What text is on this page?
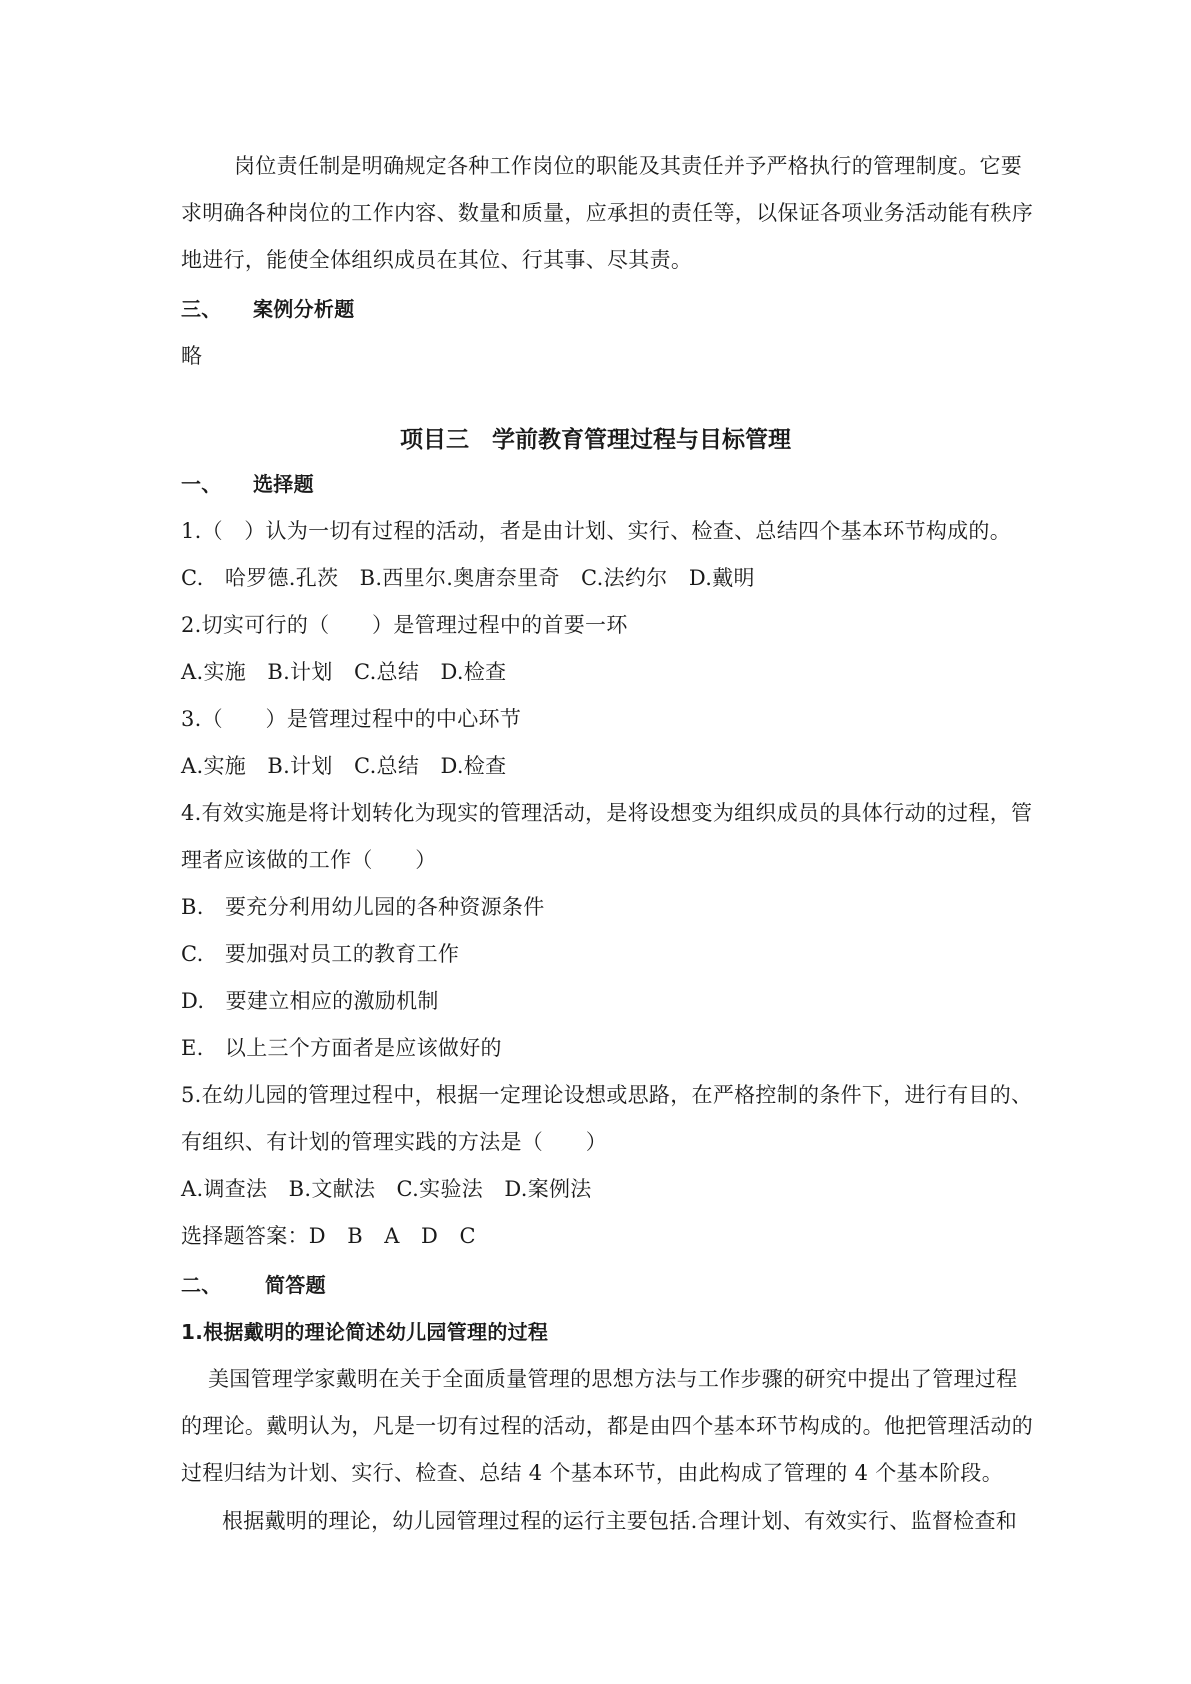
岗位责任制是明确规定各种工作岗位的职能及其责任并予严格执行的管理制度。它要
求明确各种岗位的工作内容、数量和质量，应承担的责任等，以保证各项业务活动能有秩序
地进行，能使全体组织成员在其位、行其事、尽其责。
三、	案例分析题
略
项目三　学前教育管理过程与目标管理
一、	选择题
1.（　）认为一切有过程的活动，者是由计划、实行、检查、总结四个基本环节构成的。
C.　哈罗德.孔茨　B.西里尔.奥唐奈里奇　C.法约尔　D.戴明
2.切实可行的（　　）是管理过程中的首要一环
A.实施　B.计划　C.总结　D.检查
3.（　　）是管理过程中的中心环节
A.实施　B.计划　C.总结　D.检查
4.有效实施是将计划转化为现实的管理活动，是将设想变为组织成员的具体行动的过程，管
理者应该做的工作（　　）
B.　要充分利用幼儿园的各种资源条件
C.　要加强对员工的教育工作
D.　要建立相应的激励机制
E.　以上三个方面者是应该做好的
5.在幼儿园的管理过程中，根据一定理论设想或思路，在严格控制的条件下，进行有目的、
有组织、有计划的管理实践的方法是（　　）
A.调查法　B.文献法　C.实验法　D.案例法
选择题答案：D　B　A　D　C
二、	简答题
1.根据戴明的理论简述幼儿园管理的过程
美国管理学家戴明在关于全面质量管理的思想方法与工作步骤的研究中提出了管理过程
的理论。戴明认为，凡是一切有过程的活动，都是由四个基本环节构成的。他把管理活动的
过程归结为计划、实行、检查、总结 4 个基本环节，由此构成了管理的 4 个基本阶段。
根据戴明的理论，幼儿园管理过程的运行主要包括.合理计划、有效实行、监督检查和
